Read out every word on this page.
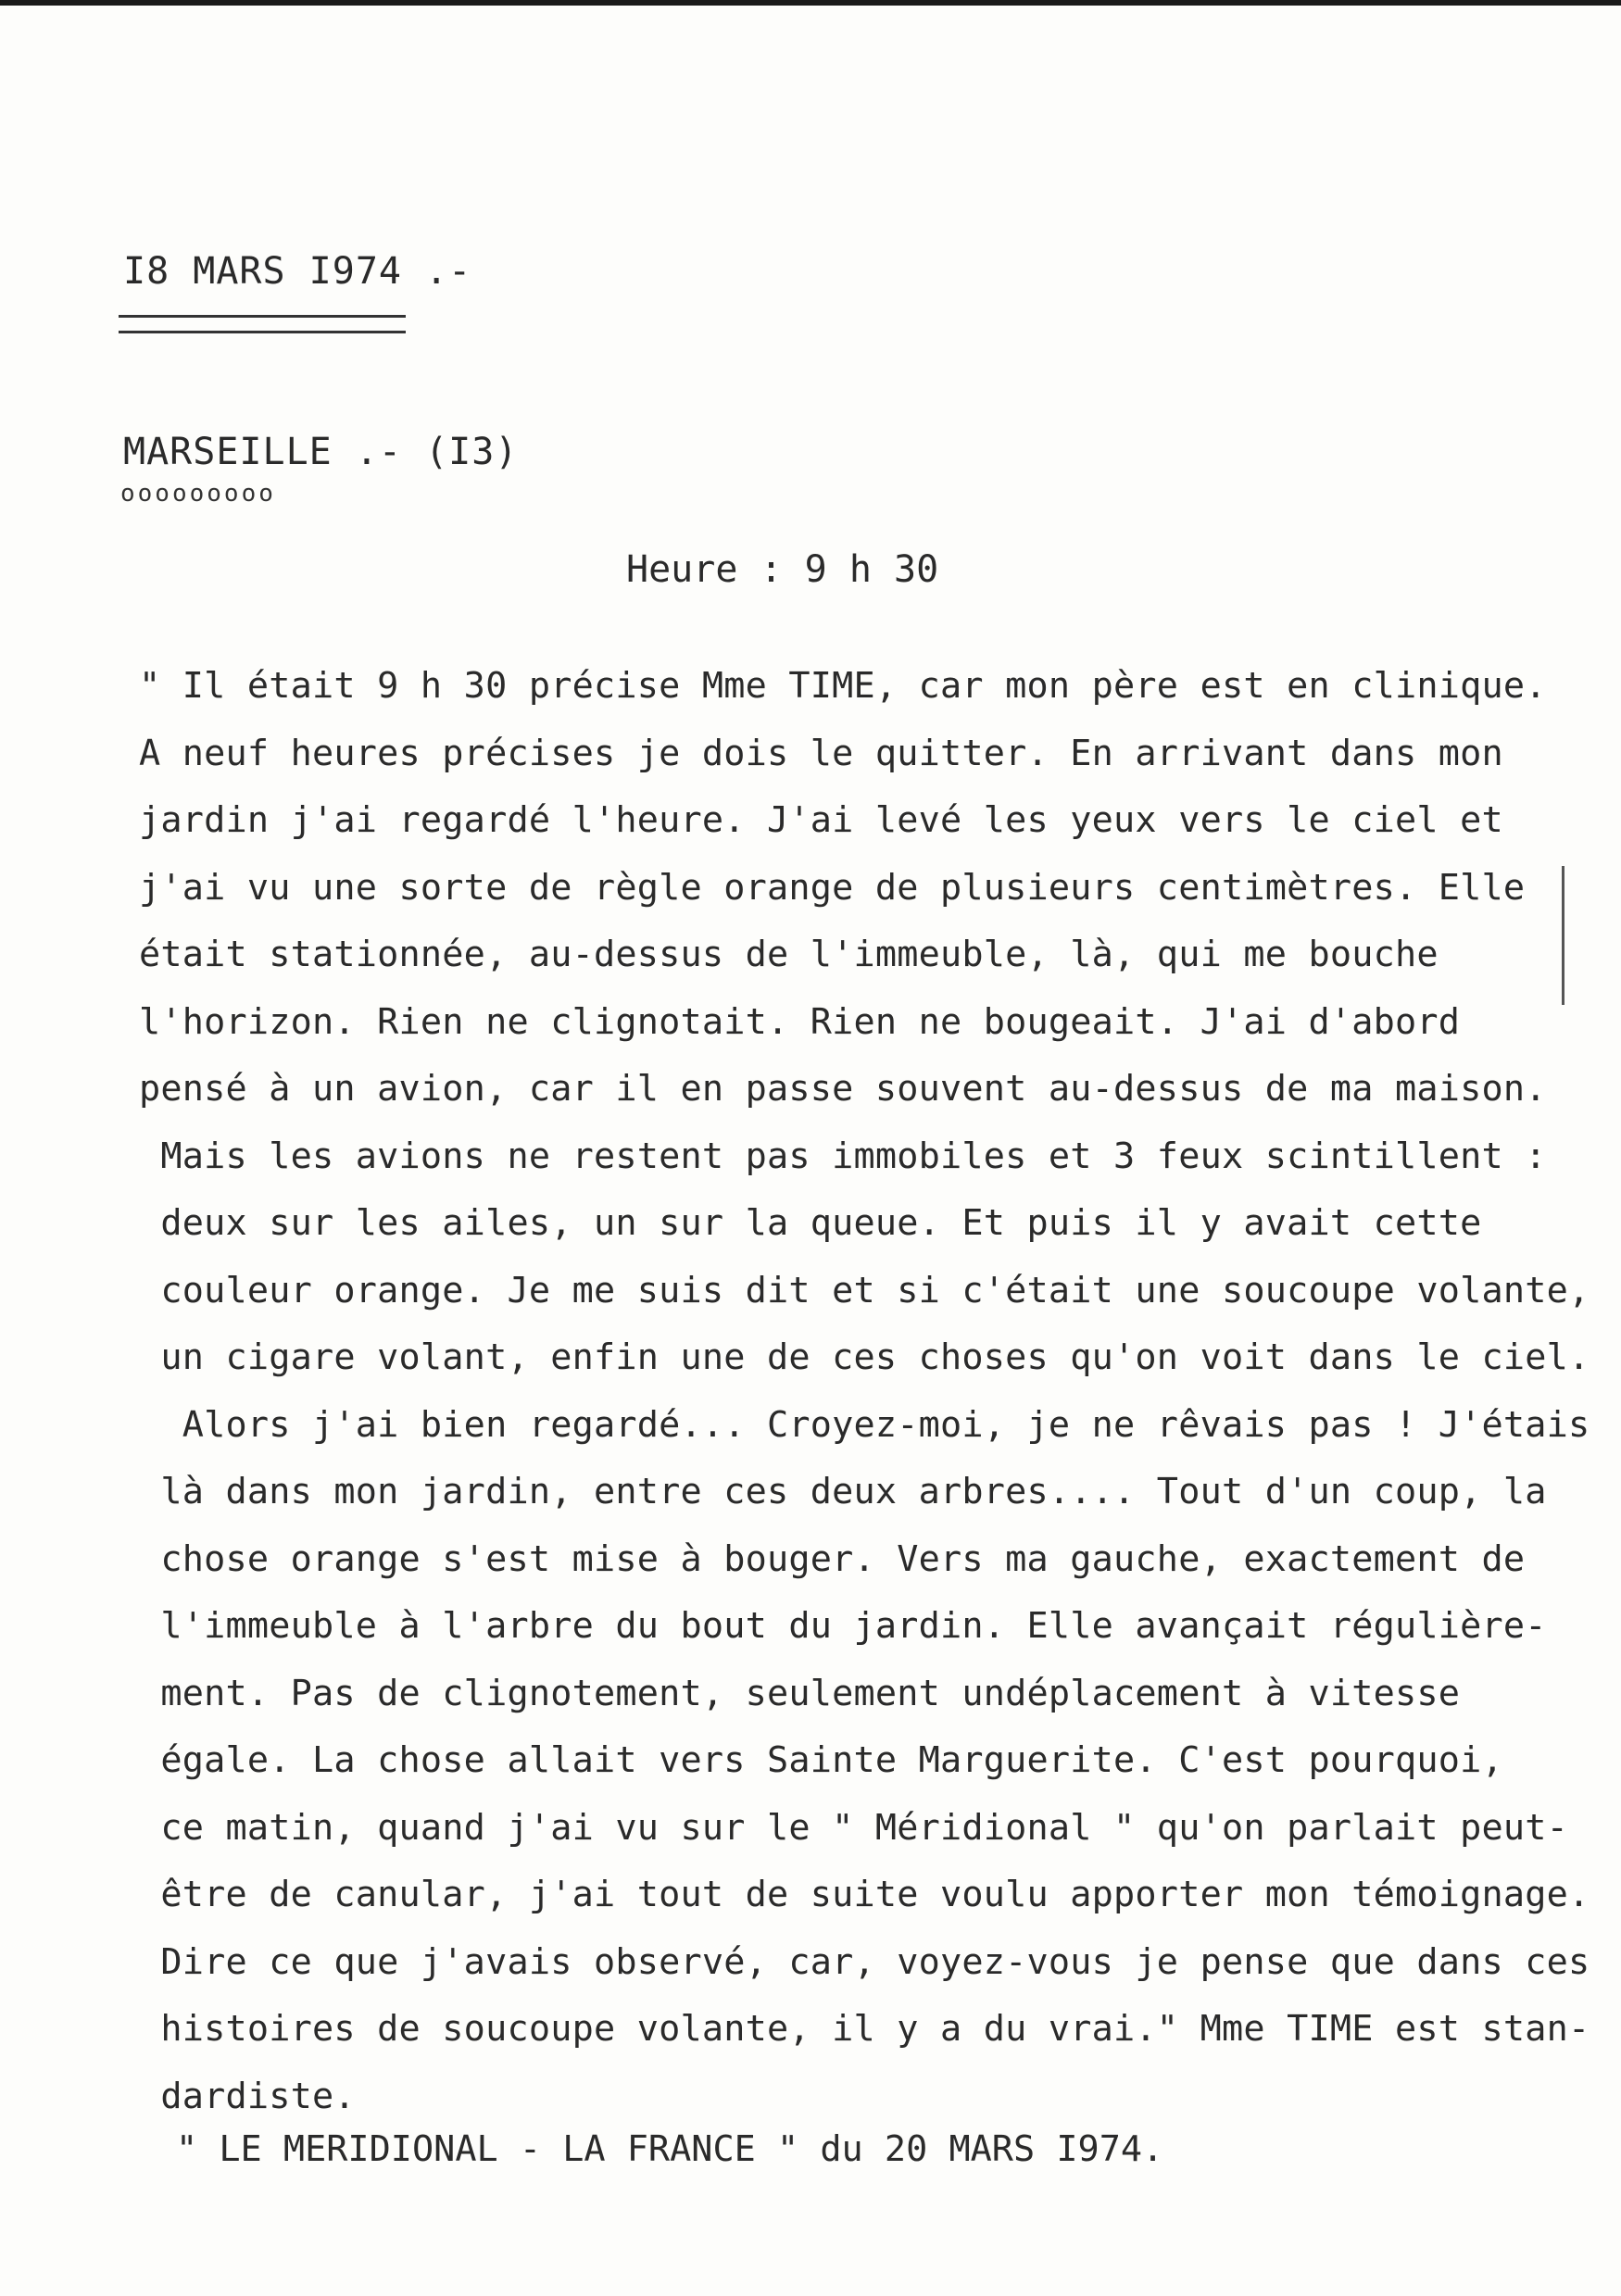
I8 MARS I974 .-
MARSEILLE .- (I3)
ooooooooo
Heure : 9 h 30
" Il était 9 h 30 précise Mme TIME, car mon père est en clinique.
A neuf heures précises je dois le quitter. En arrivant dans mon
jardin j'ai regardé l'heure. J'ai levé les yeux vers le ciel et
j'ai vu une sorte de règle orange de plusieurs centimètres. Elle
était stationnée, au-dessus de l'immeuble, là, qui me bouche
l'horizon. Rien ne clignotait. Rien ne bougeait. J'ai d'abord
pensé à un avion, car il en passe souvent au-dessus de ma maison.
Mais les avions ne restent pas immobiles et 3 feux scintillent :
deux sur les ailes, un sur la queue. Et puis il y avait cette
couleur orange. Je me suis dit et si c'était une soucoupe volante,
un cigare volant, enfin une de ces choses qu'on voit dans le ciel.
Alors j'ai bien regardé... Croyez-moi, je ne rêvais pas ! J'étais
là dans mon jardin, entre ces deux arbres.... Tout d'un coup, la
chose orange s'est mise à bouger. Vers ma gauche, exactement de
l'immeuble à l'arbre du bout du jardin. Elle avançait régulière-
ment. Pas de clignotement, seulement undéplacement à vitesse
égale. La chose allait vers Sainte Marguerite. C'est pourquoi,
ce matin, quand j'ai vu sur le " Méridional " qu'on parlait peut-
être de canular, j'ai tout de suite voulu apporter mon témoignage.
Dire ce que j'avais observé, car, voyez-vous je pense que dans ces
histoires de soucoupe volante, il y a du vrai." Mme TIME est stan-
dardiste.
" LE MERIDIONAL - LA FRANCE " du 20 MARS I974.
